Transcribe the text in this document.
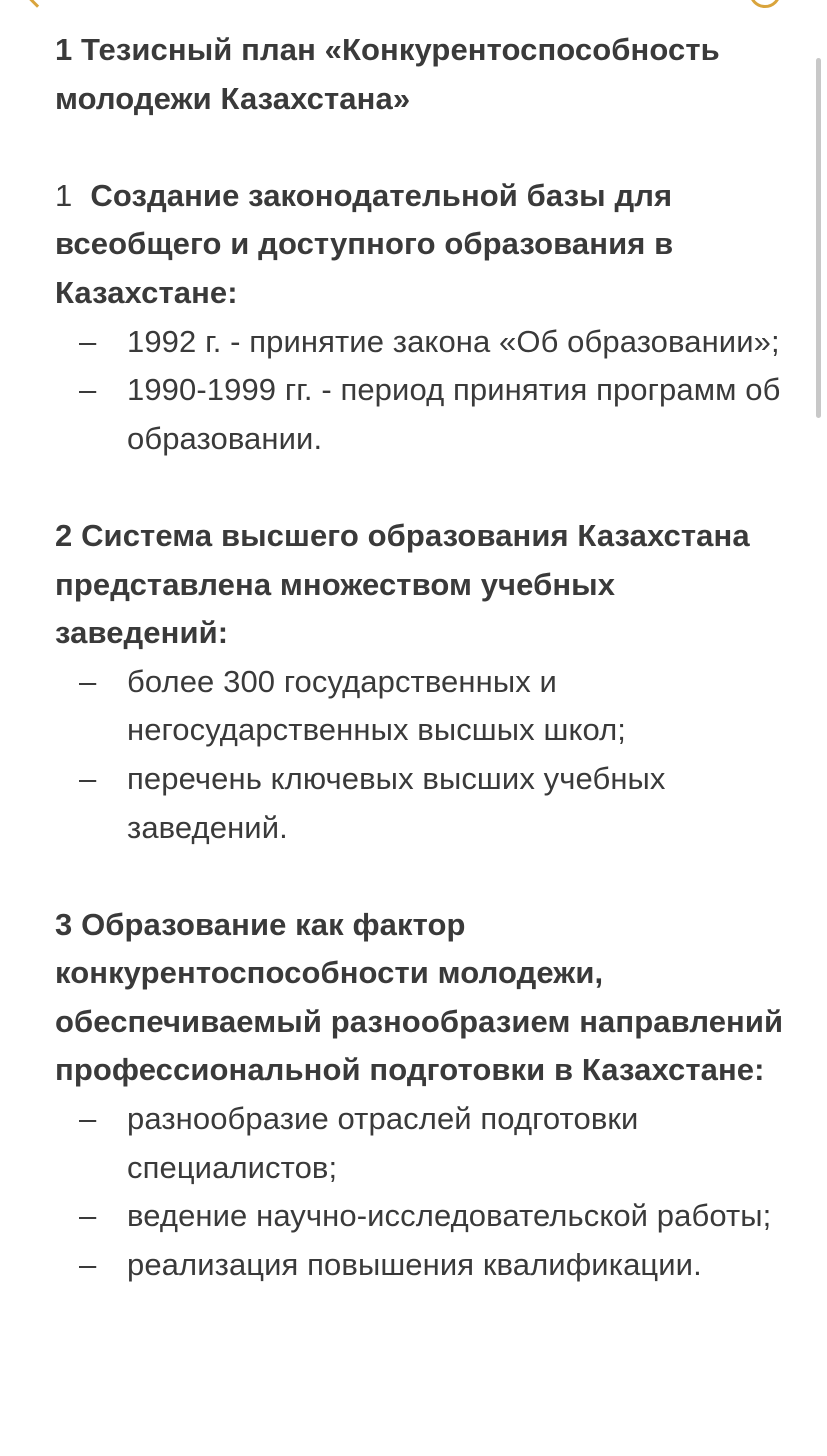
1 Тезисный план «Конкурентоспособность молодежи Казахстана»

1 Создание законодательной базы для всеобщего и доступного образования в Казахстане:

– 1992 г. - принятие закона «Об образовании»;
– 1990-1999 гг. - период принятия программ об образовании.

2 Система высшего образования Казахстана представлена множеством учебных заведений:

– более 300 государственных и негосударственных высшых школ;
– перечень ключевых высших учебных заведений.

3 Образование как фактор конкурентоспособности молодежи, обеспечиваемый разнообразием направлений профессиональной подготовки в Казахстане:

– разнообразие отраслей подготовки специалистов;
– ведение научно-исследовательской работы;
– реализация повышения квалификации.
